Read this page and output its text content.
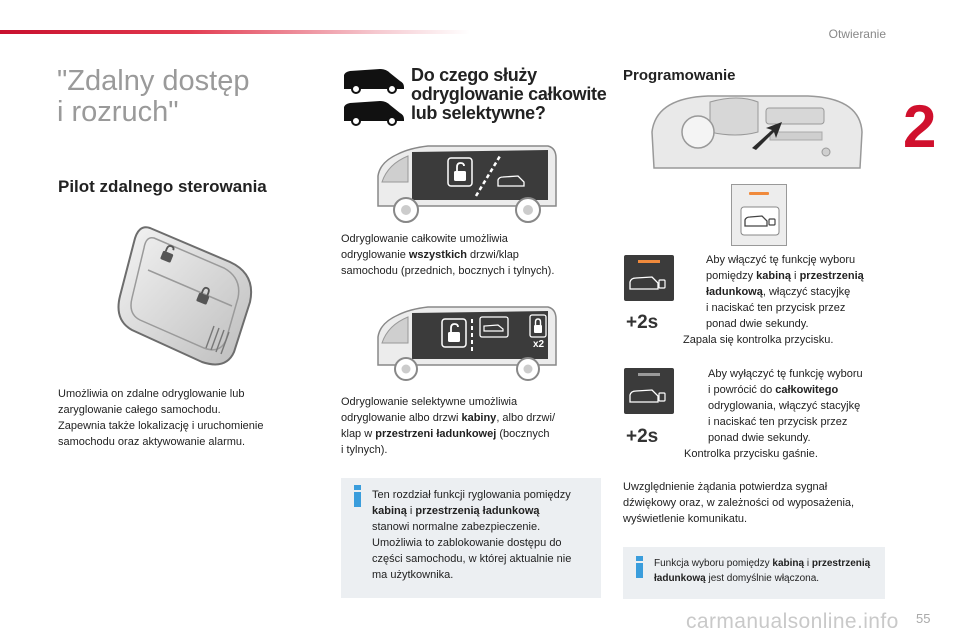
Otwieranie
2
"Zdalny dostęp
i rozruch"
Pilot zdalnego sterowania
Umożliwia on zdalne odryglowanie lub
zaryglowanie całego samochodu.
Zapewnia także lokalizację i uruchomienie
samochodu oraz aktywowanie alarmu.
Do czego służy
odryglowanie całkowite
lub selektywne?
Odryglowanie całkowite umożliwia
odryglowanie wszystkich drzwi/klap
samochodu (przednich, bocznych i tylnych).
x2
Odryglowanie selektywne umożliwia
odryglowanie albo drzwi kabiny, albo drzwi/
klap w przestrzeni ładunkowej (bocznych
i tylnych).
Ten rozdział funkcji ryglowania pomiędzy
kabiną i przestrzenią ładunkową
stanowi normalne zabezpieczenie.
Umożliwia to zablokowanie dostępu do
części samochodu, w której aktualnie nie
ma użytkownika.
Programowanie
+2s
Aby włączyć tę funkcję wyboru
pomiędzy kabiną i przestrzenią
ładunkową, włączyć stacyjkę
i naciskać ten przycisk przez
ponad dwie sekundy.
Zapala się kontrolka przycisku.
+2s
Aby wyłączyć tę funkcję wyboru
i powrócić do całkowitego
odryglowania, włączyć stacyjkę
i naciskać ten przycisk przez
ponad dwie sekundy.
Kontrolka przycisku gaśnie.
Uwzględnienie żądania potwierdza sygnał
dźwiękowy oraz, w zależności od wyposażenia,
wyświetlenie komunikatu.
Funkcja wyboru pomiędzy kabiną i przestrzenią
ładunkową jest domyślnie włączona.
carmanualsonline.info 55
